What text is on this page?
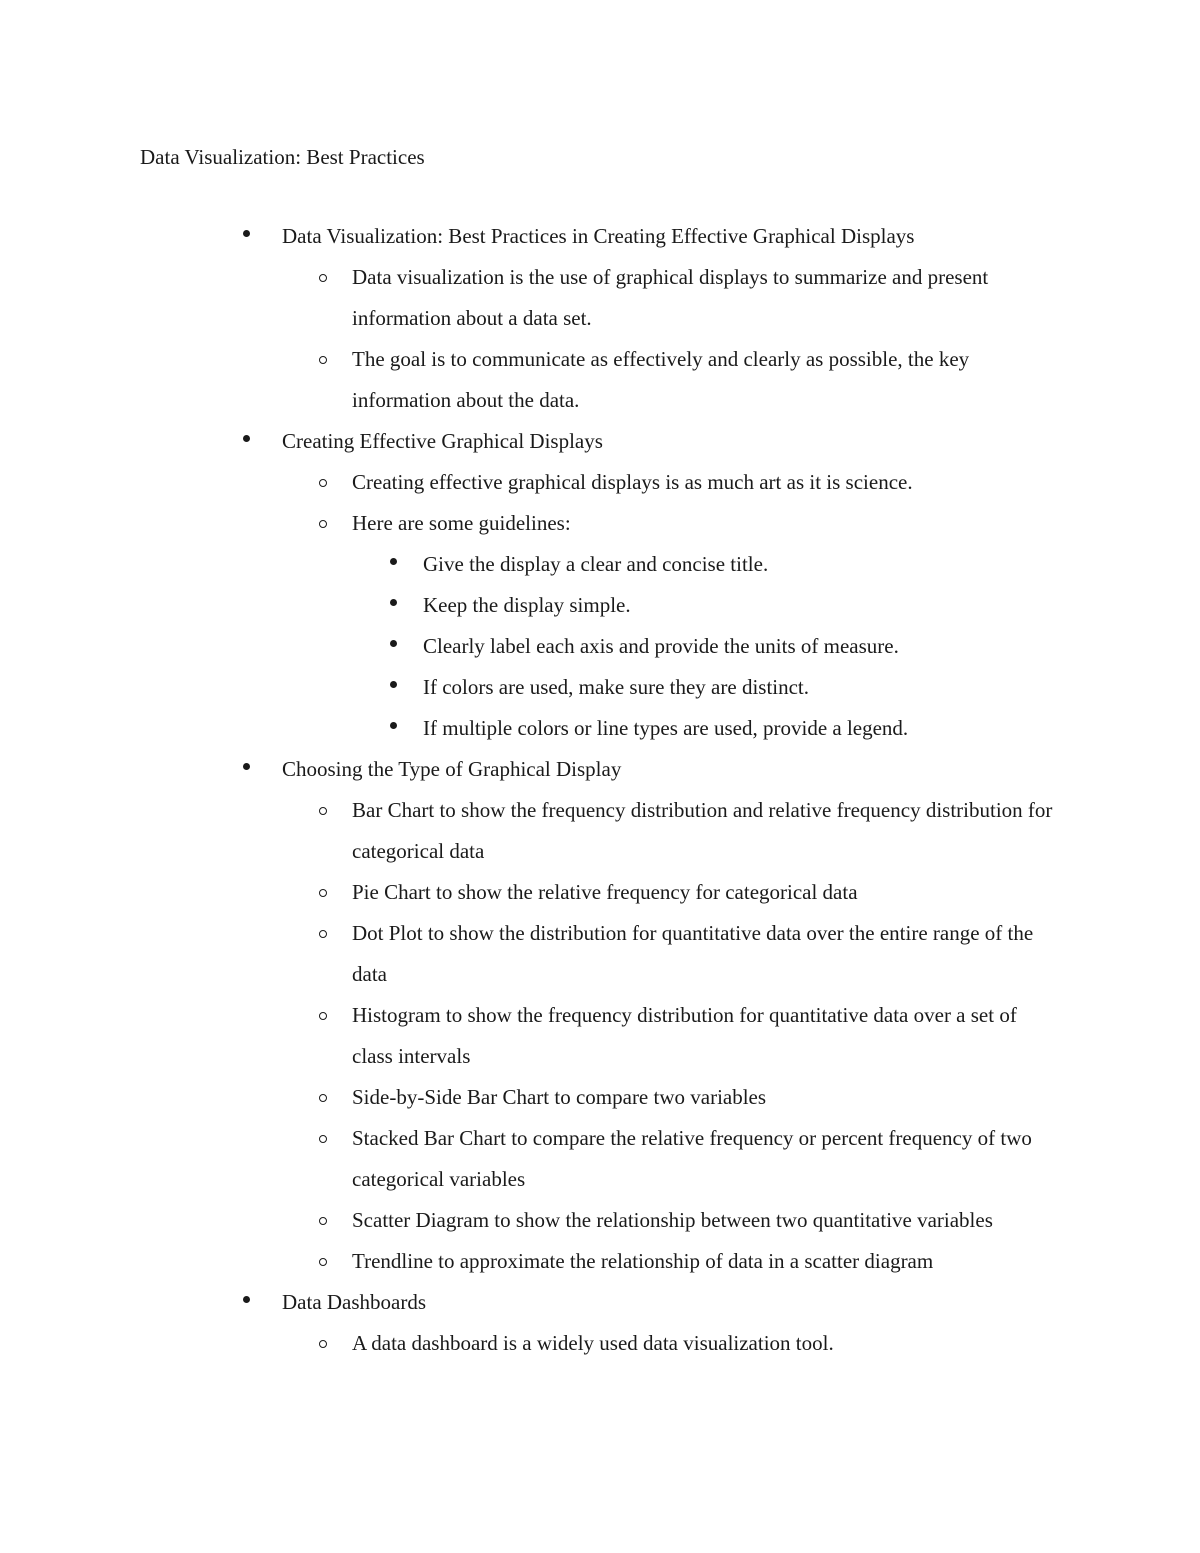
Data Visualization: Best Practices
Data Visualization: Best Practices in Creating Effective Graphical Displays
Data visualization is the use of graphical displays to summarize and present information about a data set.
The goal is to communicate as effectively and clearly as possible, the key information about the data.
Creating Effective Graphical Displays
Creating effective graphical displays is as much art as it is science.
Here are some guidelines:
Give the display a clear and concise title.
Keep the display simple.
Clearly label each axis and provide the units of measure.
If colors are used, make sure they are distinct.
If multiple colors or line types are used, provide a legend.
Choosing the Type of Graphical Display
Bar Chart to show the frequency distribution and relative frequency distribution for categorical data
Pie Chart to show the relative frequency for categorical data
Dot Plot to show the distribution for quantitative data over the entire range of the data
Histogram to show the frequency distribution for quantitative data over a set of class intervals
Side-by-Side Bar Chart to compare two variables
Stacked Bar Chart to compare the relative frequency or percent frequency of two categorical variables
Scatter Diagram to show the relationship between two quantitative variables
Trendline to approximate the relationship of data in a scatter diagram
Data Dashboards
A data dashboard is a widely used data visualization tool.
